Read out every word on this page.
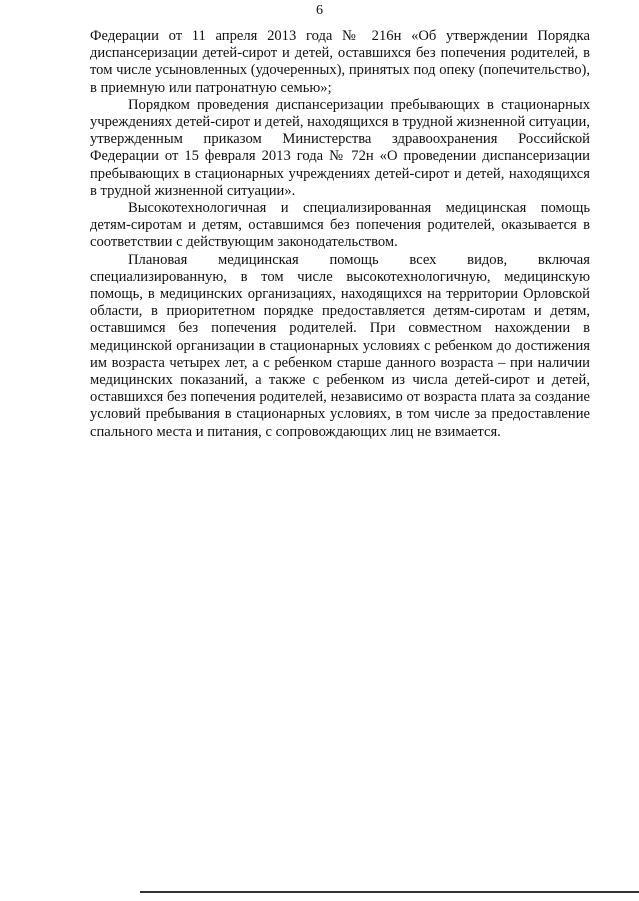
6

Федерации от 11 апреля 2013 года № 216н «Об утверждении Порядка диспансеризации детей-сирот и детей, оставшихся без попечения родителей, в том числе усыновленных (удочеренных), принятых под опеку (попечительство), в приемную или патронатную семью»;

Порядком проведения диспансеризации пребывающих в стационарных учреждениях детей-сирот и детей, находящихся в трудной жизненной ситуации, утвержденным приказом Министерства здравоохранения Российской Федерации от 15 февраля 2013 года № 72н «О проведении диспансеризации пребывающих в стационарных учреждениях детей-сирот и детей, находящихся в трудной жизненной ситуации».

Высокотехнологичная и специализированная медицинская помощь детям-сиротам и детям, оставшимся без попечения родителей, оказывается в соответствии с действующим законодательством.

Плановая медицинская помощь всех видов, включая специализированную, в том числе высокотехнологичную, медицинскую помощь, в медицинских организациях, находящихся на территории Орловской области, в приоритетном порядке предоставляется детям-сиротам и детям, оставшимся без попечения родителей. При совместном нахождении в медицинской организации в стационарных условиях с ребенком до достижения им возраста четырех лет, а с ребенком старше данного возраста – при наличии медицинских показаний, а также с ребенком из числа детей-сирот и детей, оставшихся без попечения родителей, независимо от возраста плата за создание условий пребывания в стационарных условиях, в том числе за предоставление спального места и питания, с сопровождающих лиц не взимается.
